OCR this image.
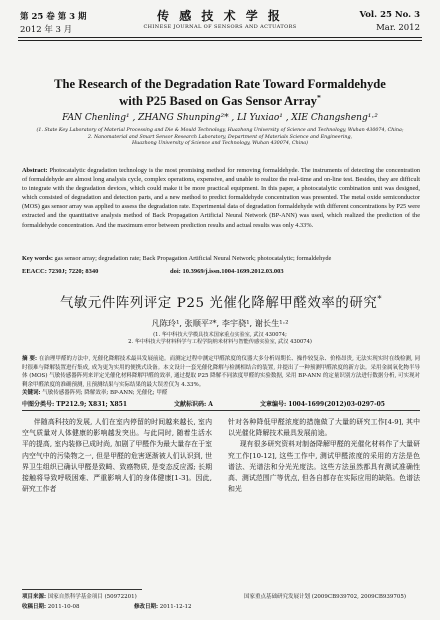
第 25 卷 第 3 期
2012 年 3 月
传 感 技 术 学 报
CHINESE JOURNAL OF SENSORS AND ACTUATORS
Vol. 25 No. 3
Mar. 2012
The Research of the Degradation Rate Toward Formaldehyde
with P25 Based on Gas Sensor Array*
FAN Chenling¹ , ZHANG Shunping²* , LI Yuxiao¹ , XIE Changsheng¹·²
(1. State Key Laboratory of Material Processing and Die & Mould Technology, Huazhong University of Science and Technology, Wuhan 430074, China;
2. Nanomaterial and Smart Sensor Research Laboratory, Department of Materials Science and Engineering,
Huazhong University of Science and Technology, Wuhan 430074, China)
Abstract: Photocatalytic degradation technology is the most promising method for removing formaldehyde. The instruments of detecting the concentration of formaldehyde are almost long analysis cycle, complex operations, expensive, and unable to realize the real-time and on-line test. Besides, they are difficult to integrate with the degradation devices, which could make it be more practical equipment. In this paper, a photocatalytic combination unit was designed, which consisted of degradation and detection parts, and a new method to predict formaldehyde concentration was presented. The metal oxide semiconductor (MOS) gas sensor array was applied to assess the degradation rate. Experimental data of degradation formaldehyde with different concentrations by P25 were extracted and the quantitative analysis method of Back Propagation Artificial Neural Network (BP-ANN) was used, which realized the prediction of the formaldehyde concentration. And the maximum error between prediction results and actual results was only 4.33%.
Key words: gas sensor array; degradation rate; Back Propagation Artificial Neural Network; photocatalytic; formaldehyde
EEACC: 7230J; 7220; 8340	doi: 10.3969/j.issn.1004-1699.2012.03.003
气敏元件阵列评定 P25 光催化降解甲醛效率的研究*
凡陈玲¹, 张顺平²*, 李宇骁¹, 谢长生¹·²
(1. 华中科技大学模具技术国家重点实验室, 武汉 430074;
2. 华中科技大学材料科学与工程学院纳米材料与智能传感实验室, 武汉 430074)
摘 要: 在治理甲醛的方法中, 光催化降解技术最具发展前途。而测定过程中测定甲醛浓度的仪器大多分析周期长、操作较复杂、价格昂贵, 无法实现实时在线检测, 同时很难与降解装置进行集成, 成为更为实用的便携式设备。本文设计一套光催化降解与检测相结合的装置, 并提出了一种预测甲醛浓度的新方法。采用金属氧化物半导体 (MOS) 气敏传感器阵列来评定光催化材料降解甲醛的效率, 通过提取 P25 降解不同浓度甲醛的实验数据, 采用 BP-ANN 的定量识别方法进行数据分析, 可实现对剩余甲醛浓度的准确预测, 且预测结果与实际结果的最大误差仅为 4.33%。
关键词: 气敏传感器阵列; 降解效率; BP-ANN; 光催化; 甲醛
中图分类号: TP212.9; X831; X851	文献标识码: A	文章编号: 1004-1699(2012)03-0297-05
伴随高科技的发展, 人们在室内停留的时间越来越长, 室内空气质量对人体健康的影响越发突出。与此同时, 随着生活水平的提高, 室内装修已成时尚, 加剧了甲醛作为最大量存在于室内空气中的污染物之一, 但是甲醛的危害逐渐被人们认识到, 世界卫生组织已确认甲醛是致畸、致癌物质, 是变态反应源; 长期接触将导致呼吸困难、严重影响人们的身体健康[1-3]。因此, 研究工作者
针对各种降低甲醛浓度的措施做了大量的研究工作[4-9], 其中以光催化降解技术最具发展前途。
现有很多研究资料对制备降解甲醛的光催化材料作了大量研究工作[10-12], 这些工作中, 测试甲醛浓度的采用的方法是色谱法、光谱法和分光光度法。这些方法虽然都具有测试准确性高、测试范围广等优点, 但各自都存在实际应用的缺陷。色谱法和光
项目来源: 国家自然科学基金项目 (50972201)	国家重点基础研究发展计划 (2009CB939702, 2009CB939705)
收稿日期: 2011-10-08	修改日期: 2011-12-12
